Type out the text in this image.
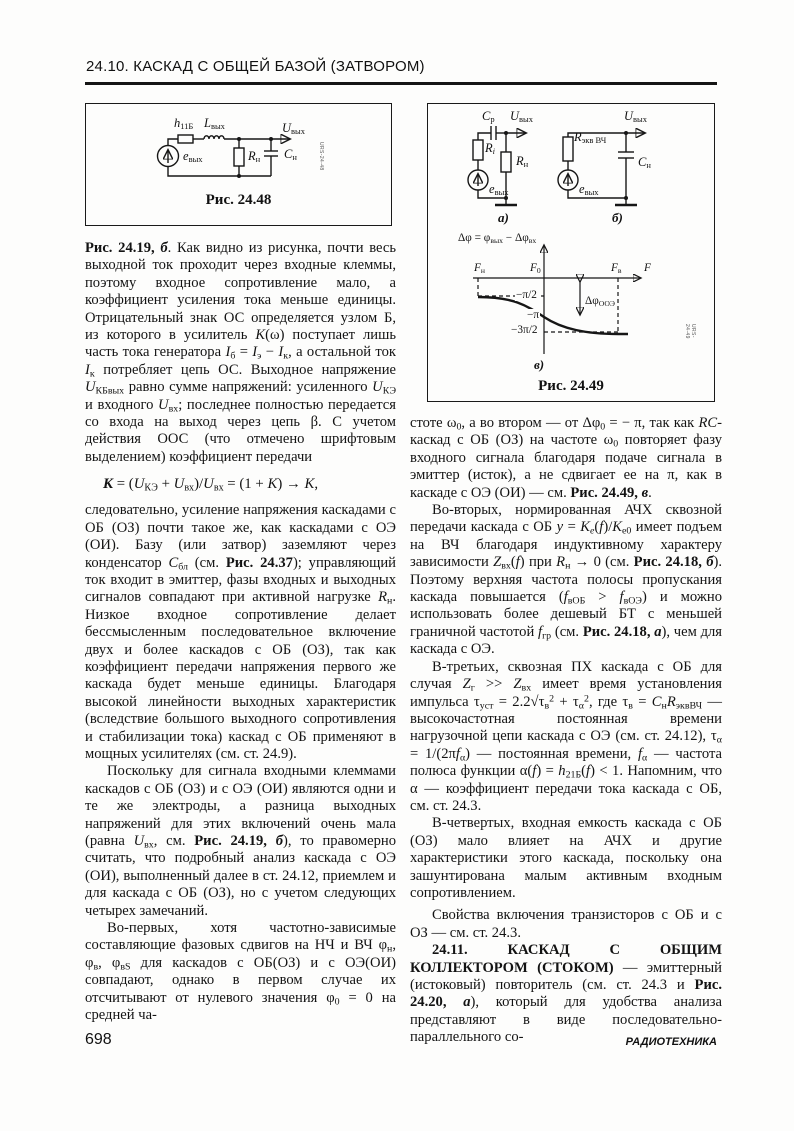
24.10. КАСКАД С ОБЩЕЙ БАЗОЙ (ЗАТВОРОМ)
$h_{11Б}$ $L_{вых}$	$U_{вых}$
$е_{вых}$	$R_н$ $С_н$
Рис. 24.48
URS-24-48

Рис. 24.19, б. Как видно из рисунка, почти весь выходной ток проходит через входные клеммы, поэтому входное сопротивление мало, а коэффициент усиления тока меньше единицы. Отрицательный знак ОС определяется узлом Б, из которого в усилитель K(ω) поступает лишь часть тока генератора $I_б = I_э - I_к$, а остальной ток $I_к$ потребляет цепь ОС. Выходное напряжение $U_{КБвых}$ равно сумме напряжений: усиленного $U_{КЭ}$ и входного $U_{вх}$; последнее полностью передается со входа на выход через цепь β. С учетом действия ООС (что отмечено шрифтовым выделением) коэффициент передачи

$К = (U_{КЭ} + U_{вх})/U_{вх} = (1 + K) \to K$,

следовательно, усиление напряжения каскадами с ОБ (ОЗ) почти такое же, как каскадами с ОЭ (ОИ). Базу (или затвор) заземляют через конденсатор $С_{бл}$ (см. Рис. 24.37); управляющий ток входит в эмиттер, фазы входных и выходных сигналов совпадают при активной нагрузке $R_н$. Низкое входное сопротивление делает бессмысленным последовательное включение двух и более каскадов с ОБ (ОЗ), так как коэффициент передачи напряжения первого же каскада будет меньше единицы. Благодаря высокой линейности выходных характеристик (вследствие большого выходного сопротивления и стабилизации тока) каскад с ОБ применяют в мощных усилителях (см. ст. 24.9).

Поскольку для сигнала входными клеммами каскадов с ОБ (ОЗ) и с ОЭ (ОИ) являются одни и те же электроды, а разница выходных напряжений для этих включений очень мала (равна $U_{вх}$, см. Рис. 24.19, б), то правомерно считать, что подробный анализ каскада с ОЭ (ОИ), выполненный далее в ст. 24.12, приемлем и для каскада с ОБ (ОЗ), но с учетом следующих четырех замечаний.

Во-первых, хотя частотно-зависимые составляющие фазовых сдвигов на НЧ и ВЧ $\varphi_н$, $\varphi_в$, $\varphi_{вS}$ для каскадов с ОБ(ОЗ) и с ОЭ(ОИ) совпадают, однако в первом случае их отсчитывают от нулевого значения $\varphi_0 = 0$ на средней ча-

$C_р$ $U_{вых}$
$R_i$
$R_н$
$е_{вых}$
$U_{вых}$
$R_{экв ВЧ}$
$С_н$
$е_{вых}$
а)	б)
$\Delta\varphi = \varphi_{вых} - \Delta\varphi_{вх}$
$F_н$	$F_0$	$F_в$ F
−π/2
−π
−3π/2
$\Delta\varphi_{ООЭ}$
в)
Рис. 24.49
URS-24-49

стоте $\omega_0$, а во втором — от $\Delta\varphi_0$ = − π, так как RC-каскад с ОБ (ОЗ) на частоте $\omega_0$ повторяет фазу входного сигнала благодаря подаче сигнала в эмиттер (исток), а не сдвигает ее на π, как в каскаде с ОЭ (ОИ) — см. Рис. 24.49, в.

Во-вторых, нормированная АЧХ сквозной передачи каскада с ОБ $y = K_e(f)/K_{e0}$ имеет подъем на ВЧ благодаря индуктивному характеру зависимости $Z_{вх}(f)$ при $R_н \to 0$ (см. Рис. 24.18, б). Поэтому верхняя частота полосы пропускания каскада повышается $(f_{вОБ} > f_{вОЭ})$ и можно использовать более дешевый БТ с меньшей граничной частотой $f_{гр}$ (см. Рис. 24.18, а), чем для каскада с ОЭ.

В-третьих, сквозная ПХ каскада с ОБ для случая $Z_г >> Z_{вх}$ имеет время установления импульса $\tau_{уст} = 2.2√\tau_в^2 + \tau_\alpha^2$, где $\tau_в = C_нR_{эквВЧ}$ — высокочастотная постоянная времени нагрузочной цепи каскада с ОЭ (см. ст. 24.12), $\tau_\alpha = 1/(2\pi f_\alpha)$ — постоянная времени, $f_\alpha$ — частота полюса функции $\alpha(f) = h_{21Б}(f) < 1$. Напомним, что α — коэффициент передачи тока каскада с ОБ, см. ст. 24.3.

В-четвертых, входная емкость каскада с ОБ (ОЗ) мало влияет на АЧХ и другие характеристики этого каскада, поскольку она зашунтирована малым активным входным сопротивлением.

Свойства включения транзисторов с ОБ и с ОЗ — см. ст. 24.3.

24.11. КАСКАД С ОБЩИМ КОЛЛЕКТОРОМ (СТОКОМ) — эмиттерный (истоковый) повторитель (см. ст. 24.3 и Рис. 24.20, а), который для удобства анализа представляют в виде последовательно-параллельного со-

698	РАДИОТЕХНИКА
